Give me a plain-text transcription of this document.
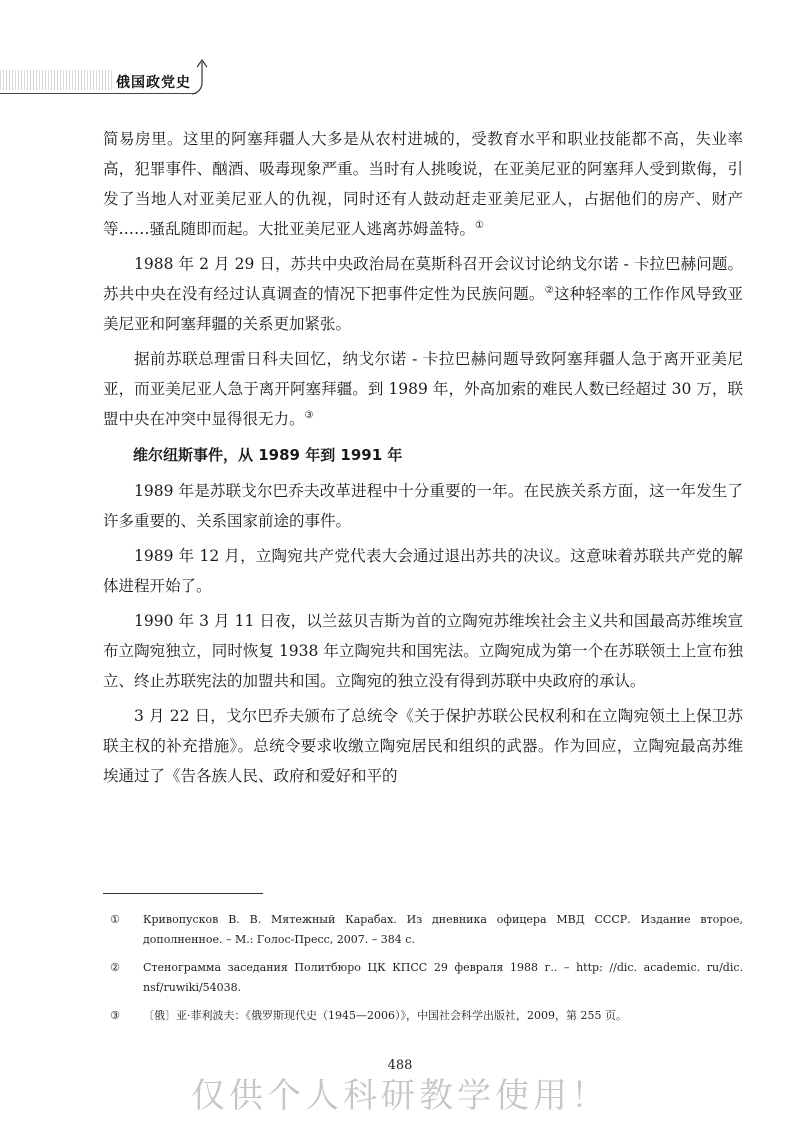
俄国政党史

简易房里。这里的阿塞拜疆人大多是从农村进城的，受教育水平和职业技能都不高，失业率高，犯罪事件、酗酒、吸毒现象严重。当时有人挑唆说，在亚美尼亚的阿塞拜人受到欺侮，引发了当地人对亚美尼亚人的仇视，同时还有人鼓动赶走亚美尼亚人，占据他们的房产、财产等……骚乱随即而起。大批亚美尼亚人逃离苏姆盖特。①

1988 年 2 月 29 日，苏共中央政治局在莫斯科召开会议讨论纳戈尔诺 - 卡拉巴赫问题。苏共中央在没有经过认真调查的情况下把事件定性为民族问题。②这种轻率的工作作风导致亚美尼亚和阿塞拜疆的关系更加紧张。

据前苏联总理雷日科夫回忆，纳戈尔诺 - 卡拉巴赫问题导致阿塞拜疆人急于离开亚美尼亚，而亚美尼亚人急于离开阿塞拜疆。到 1989 年，外高加索的难民人数已经超过 30 万，联盟中央在冲突中显得很无力。③

维尔纽斯事件，从 1989 年到 1991 年

1989 年是苏联戈尔巴乔夫改革进程中十分重要的一年。在民族关系方面，这一年发生了许多重要的、关系国家前途的事件。

1989 年 12 月，立陶宛共产党代表大会通过退出苏共的决议。这意味着苏联共产党的解体进程开始了。

1990 年 3 月 11 日夜，以兰兹贝吉斯为首的立陶宛苏维埃社会主义共和国最高苏维埃宣布立陶宛独立，同时恢复 1938 年立陶宛共和国宪法。立陶宛成为第一个在苏联领土上宣布独立、终止苏联宪法的加盟共和国。立陶宛的独立没有得到苏联中央政府的承认。

3 月 22 日，戈尔巴乔夫颁布了总统令《关于保护苏联公民权利和在立陶宛领土上保卫苏联主权的补充措施》。总统令要求收缴立陶宛居民和组织的武器。作为回应，立陶宛最高苏维埃通过了《告各族人民、政府和爱好和平的

①	Кривопусков В. В. Мятежный Карабах. Из дневника офицера МВД СССР. Издание второе, дополненное. – М.: Голос-Пресс, 2007. – 384 с.
②	Стенограмма заседания Политбюро ЦК КПСС 29 февраля 1988 г.. – http: //dic. academic. ru/dic. nsf/ruwiki/54038.
③	〔俄〕亚·菲利波夫：《俄罗斯现代史（1945—2006）》，中国社会科学出版社，2009，第 255 页。
488
仅供个人科研教学使用！
